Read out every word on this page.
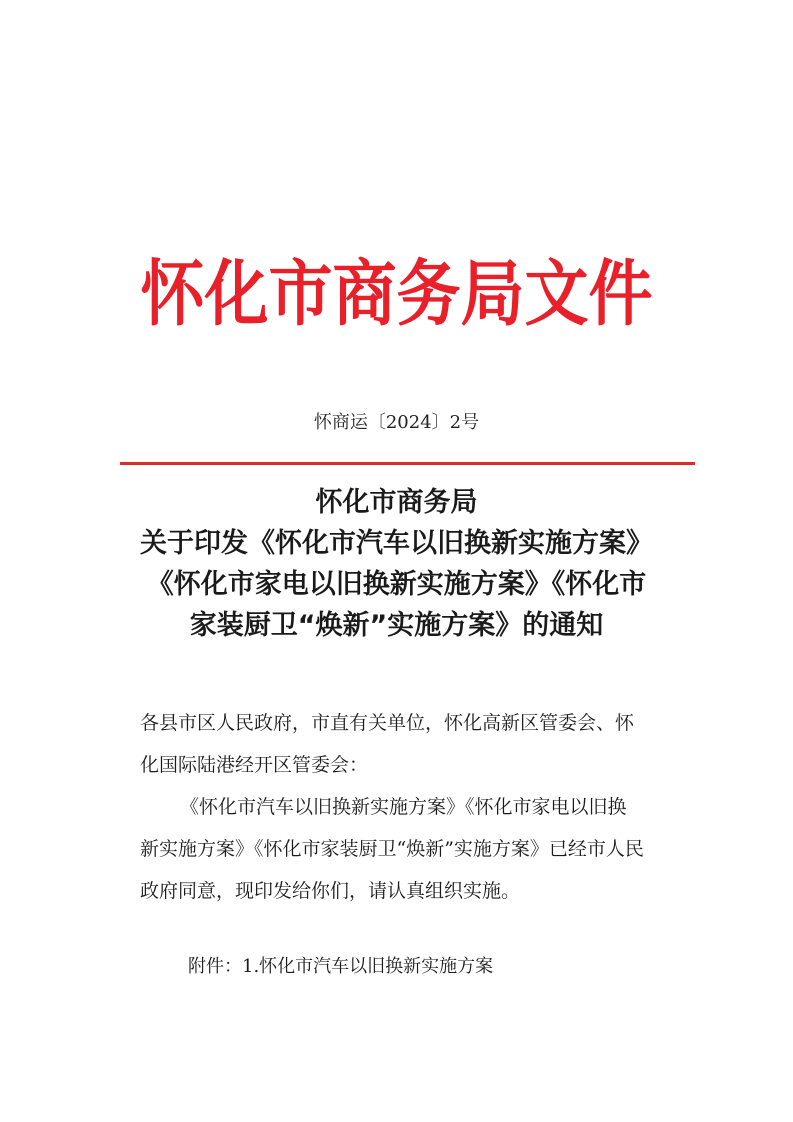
怀化市商务局文件
怀商运〔2024〕2号
怀化市商务局
关于印发《怀化市汽车以旧换新实施方案》
《怀化市家电以旧换新实施方案》《怀化市
家装厨卫“焕新”实施方案》的通知
各县市区人民政府，市直有关单位，怀化高新区管委会、怀
化国际陆港经开区管委会：
《怀化市汽车以旧换新实施方案》《怀化市家电以旧换
新实施方案》《怀化市家装厨卫“焕新”实施方案》已经市人民
政府同意，现印发给你们，请认真组织实施。
附件：1.怀化市汽车以旧换新实施方案
